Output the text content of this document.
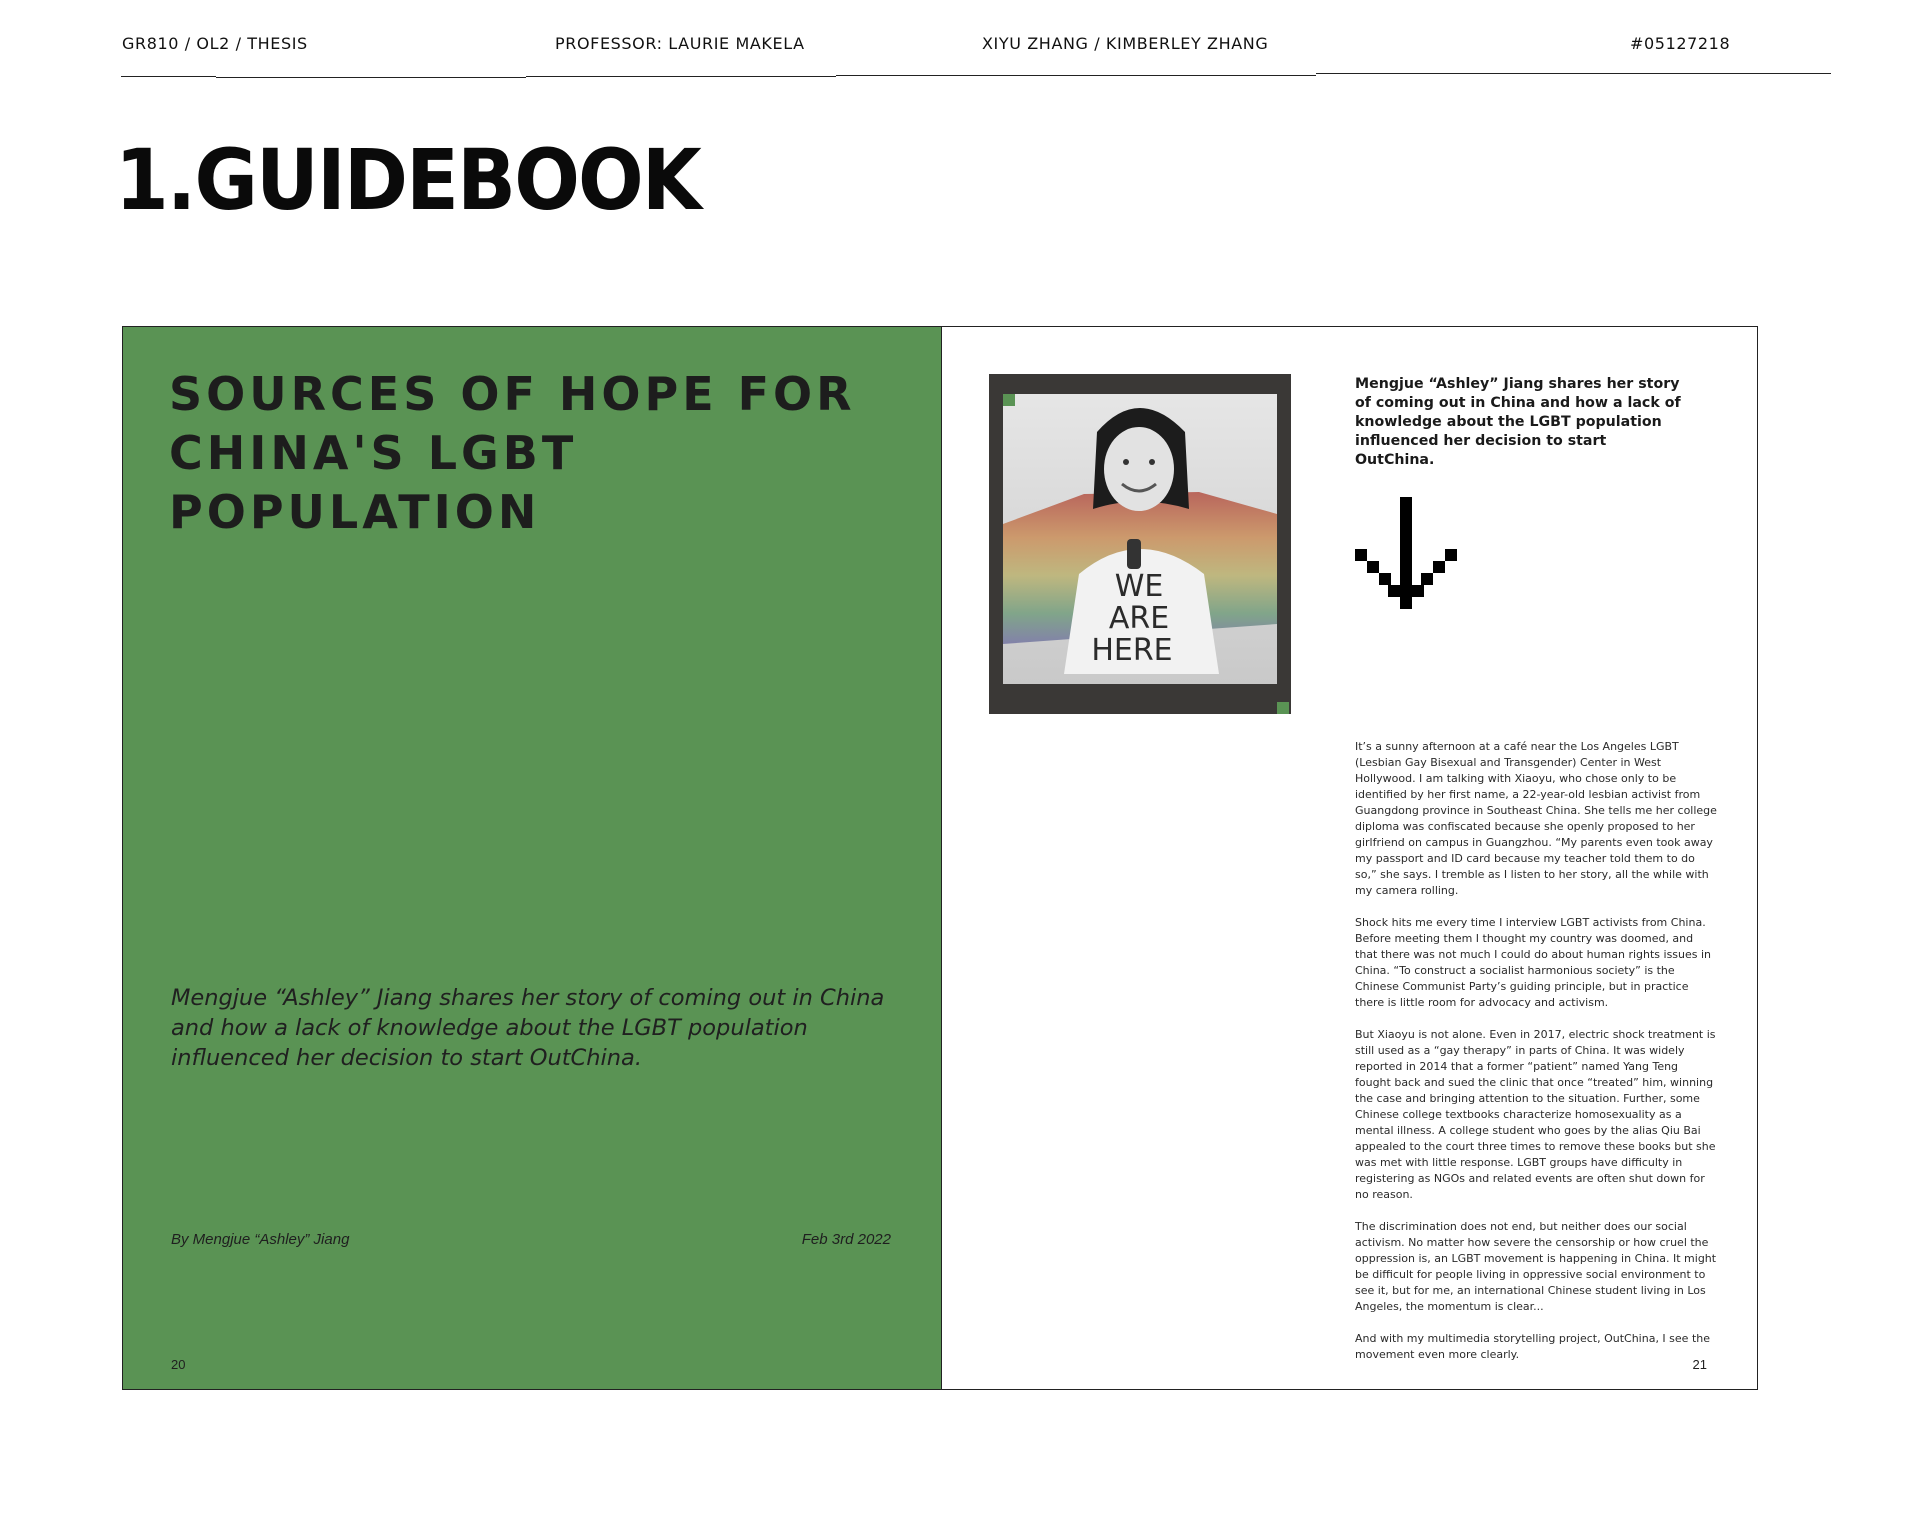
GR810 / OL2 / THESIS	PROFESSOR: LAURIE MAKELA	XIYU ZHANG / KIMBERLEY ZHANG	#05127218
1.GUIDEBOOK
SOURCES OF HOPE FOR
CHINA'S LGBT POPULATION

Mengjue “Ashley” Jiang shares her story of coming out in China and how a lack of knowledge about the LGBT population influenced her decision to start OutChina.

By Mengjue “Ashley” Jiang	Feb 3rd 2022
20
WE
ARE
HERE

Mengjue “Ashley” Jiang shares her story of coming out in China and how a lack of knowledge about the LGBT population influenced her decision to start OutChina.

It’s a sunny afternoon at a café near the Los Angeles LGBT (Lesbian Gay Bisexual and Transgender) Center in West Hollywood. I am talking with Xiaoyu, who chose only to be identified by her first name, a 22-year-old lesbian activist from Guangdong province in Southeast China. She tells me her college diploma was confiscated because she openly proposed to her girlfriend on campus in Guangzhou. “My parents even took away my passport and ID card because my teacher told them to do so,” she says. I tremble as I listen to her story, all the while with my camera rolling.

Shock hits me every time I interview LGBT activists from China. Before meeting them I thought my country was doomed, and that there was not much I could do about human rights issues in China. “To construct a socialist harmonious society” is the Chinese Communist Party’s guiding principle, but in practice there is little room for advocacy and activism.

But Xiaoyu is not alone. Even in 2017, electric shock treatment is still used as a “gay therapy” in parts of China. It was widely reported in 2014 that a former “patient” named Yang Teng fought back and sued the clinic that once “treated” him, winning the case and bringing attention to the situation. Further, some Chinese college textbooks characterize homosexuality as a mental illness. A college student who goes by the alias Qiu Bai appealed to the court three times to remove these books but she was met with little response. LGBT groups have difficulty in registering as NGOs and related events are often shut down for no reason.

The discrimination does not end, but neither does our social activism. No matter how severe the censorship or how cruel the oppression is, an LGBT movement is happening in China. It might be difficult for people living in oppressive social environment to see it, but for me, an international Chinese student living in Los Angeles, the momentum is clear...

And with my multimedia storytelling project, OutChina, I see the movement even more clearly.

21
